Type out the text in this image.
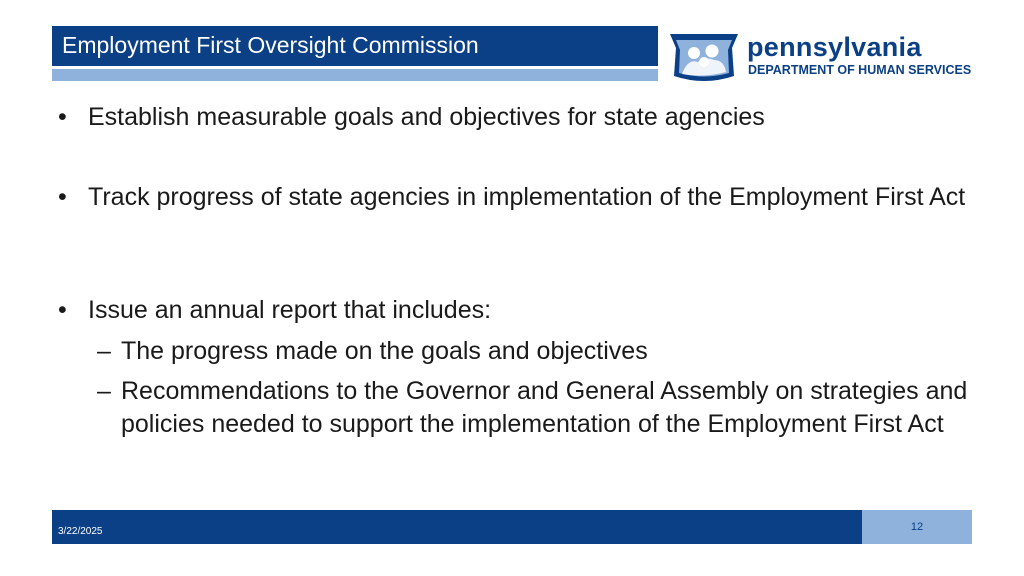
Employment First Oversight Commission	pennsylvania
DEPARTMENT OF HUMAN SERVICES
• Establish measurable goals and objectives for state agencies
• Track progress of state agencies in implementation of the Employment First Act
• Issue an annual report that includes:
– The progress made on the goals and objectives
– Recommendations to the Governor and General Assembly on strategies and policies needed to support the implementation of the Employment First Act
3/22/2025	12
